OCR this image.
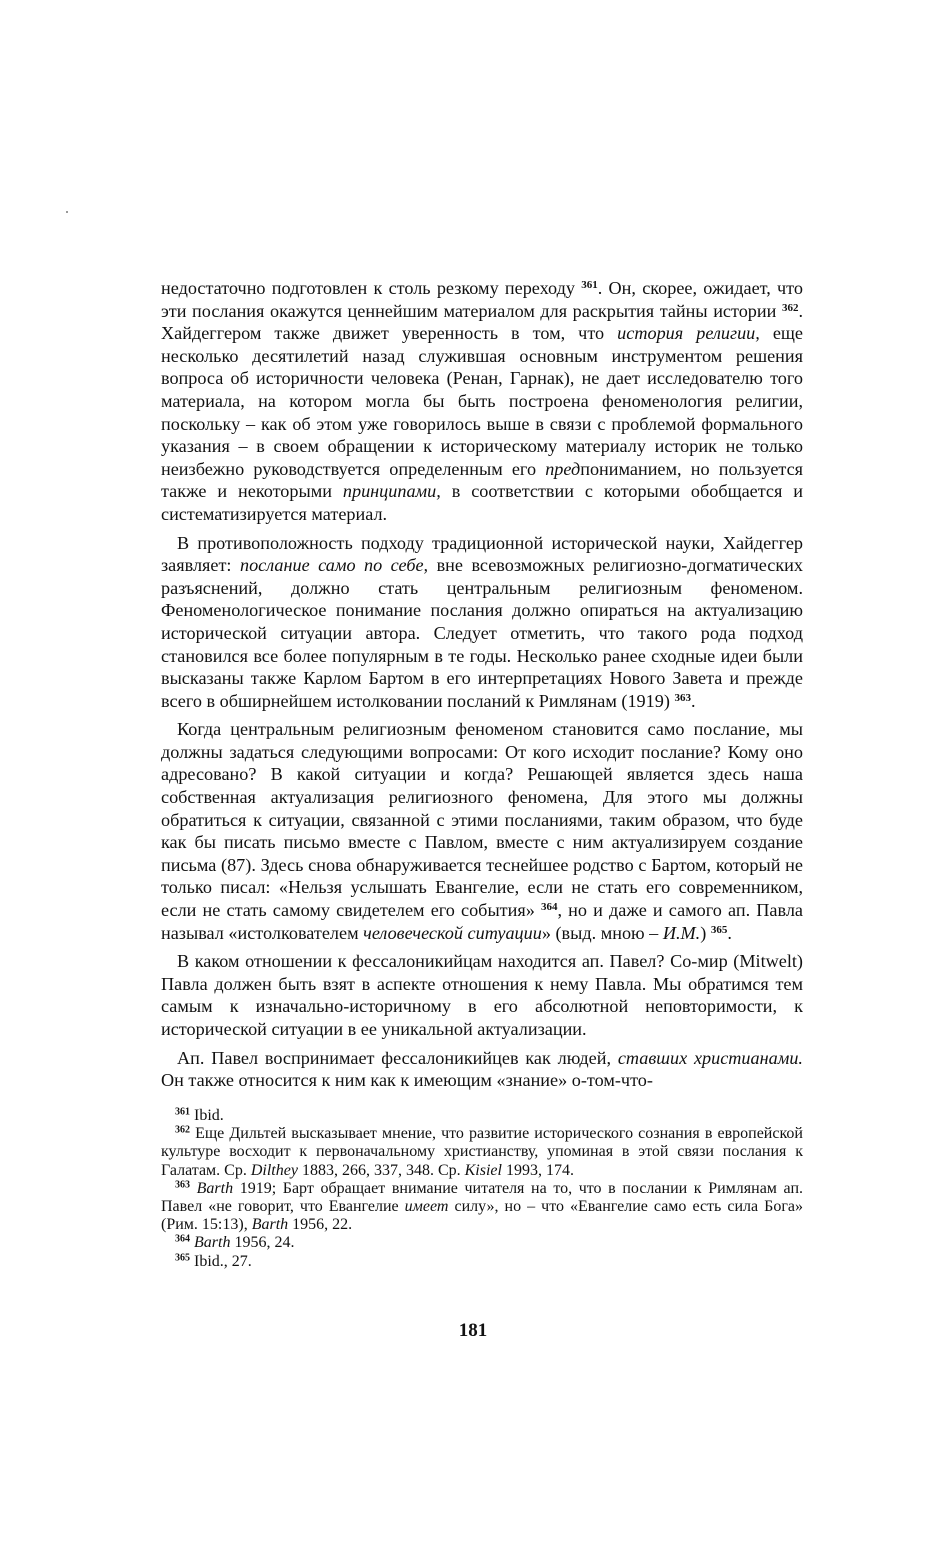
недостаточно подготовлен к столь резкому переходу $^{361}$. Он, скорее, ожидает, что эти послания окажутся ценнейшим материалом для раскрытия тайны истории $^{362}$. Хайдеггером также движет уверенность в том, что история религии, еще несколько десятилетий назад служившая основным инструментом решения вопроса об историчности человека (Ренан, Гарнак), не дает исследователю того материала, на котором могла бы быть построена феноменология религии, поскольку – как об этом уже говорилось выше в связи с проблемой формального указания – в своем обращении к историческому материалу историк не только неизбежно руководствуется определенным его предпониманием, но пользуется также и некоторыми принципами, в соответствии с которыми обобщается и систематизируется материал.

В противоположность подходу традиционной исторической науки, Хайдеггер заявляет: послание само по себе, вне всевозможных религиозно-догматических разъяснений, должно стать центральным религиозным феноменом. Феноменологическое понимание послания должно опираться на актуализацию исторической ситуации автора. Следует отметить, что такого рода подход становился все более популярным в те годы. Несколько ранее сходные идеи были высказаны также Карлом Бартом в его интерпретациях Нового Завета и прежде всего в обширнейшем истолковании посланий к Римлянам (1919) $^{363}$.

Когда центральным религиозным феноменом становится само послание, мы должны задаться следующими вопросами: От кого исходит послание? Кому оно адресовано? В какой ситуации и когда? Решающей является здесь наша собственная актуализация религиозного феномена, Для этого мы должны обратиться к ситуации, связанной с этими посланиями, таким образом, что буде как бы писать письмо вместе с Павлом, вместе с ним актуализируем создание письма (87). Здесь снова обнаруживается теснейшее родство с Бартом, который не только писал: «Нельзя услышать Евангелие, если не стать его современником, если не стать самому свидетелем его события» $^{364}$, но и даже и самого ап. Павла называл «истолкователем человеческой ситуации» (выд. мною – И.М.) $^{365}$.

В каком отношении к фессалоникийцам находится ап. Павел? Со-мир (Mitwelt) Павла должен быть взят в аспекте отношения к нему Павла. Мы обратимся тем самым к изначально-историчному в его абсолютной неповторимости, к исторической ситуации в ее уникальной актуализации.

Ап. Павел воспринимает фессалоникийцев как людей, ставших христианами. Он также относится к ним как к имеющим «знание» о-том-что-

$^{361}$ Ibid.

$^{362}$ Еще Дильтей высказывает мнение, что развитие исторического сознания в европейской культуре восходит к первоначальному христианству, упоминая в этой связи послания к Галатам. Ср. Dilthey 1883, 266, 337, 348. Ср. Kisiel 1993, 174.

$^{363}$ Barth 1919; Барт обращает внимание читателя на то, что в послании к Римлянам ап. Павел «не говорит, что Евангелие имеет силу», но – что «Евангелие само есть сила Бога» (Рим. 15:13), Barth 1956, 22.

$^{364}$ Barth 1956, 24.

$^{365}$ Ibid., 27.

181
